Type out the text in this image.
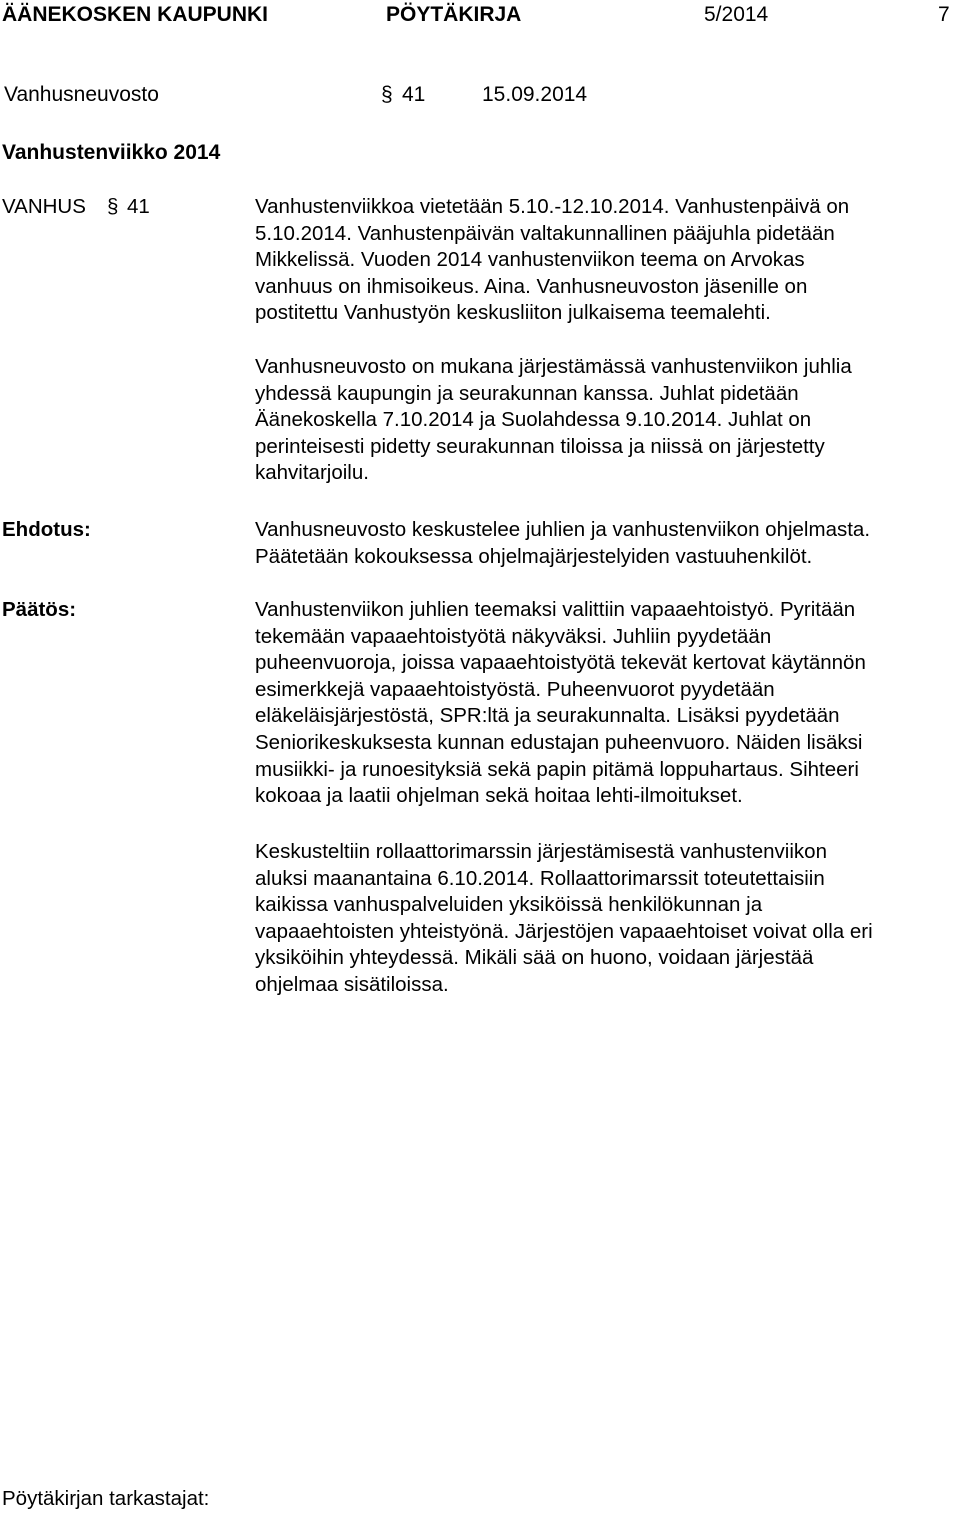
ÄÄNEKOSKEN KAUPUNKI	PÖYTÄKIRJA	5/2014	7
Vanhusneuvosto	§ 41	15.09.2014
Vanhustenviikko 2014
VANHUS § 41	Vanhustenviikkoa vietetään 5.10.-12.10.2014. Vanhustenpäivä on
5.10.2014. Vanhustenpäivän valtakunnallinen pääjuhla pidetään
Mikkelissä. Vuoden 2014 vanhustenviikon teema on Arvokas
vanhuus on ihmisoikeus. Aina. Vanhusneuvoston jäsenille on
postitettu Vanhustyön keskusliiton julkaisema teemalehti.
Vanhusneuvosto on mukana järjestämässä vanhustenviikon juhlia
yhdessä kaupungin ja seurakunnan kanssa. Juhlat pidetään
Äänekoskella 7.10.2014 ja Suolahdessa 9.10.2014. Juhlat on
perinteisesti pidetty seurakunnan tiloissa ja niissä on järjestetty
kahvitarjoilu.
Ehdotus:	Vanhusneuvosto keskustelee juhlien ja vanhustenviikon ohjelmasta.
Päätetään kokouksessa ohjelmajärjestelyiden vastuuhenkilöt.
Päätös:	Vanhustenviikon juhlien teemaksi valittiin vapaaehtoistyö. Pyritään
tekemään vapaaehtoistyötä näkyväksi. Juhliin pyydetään
puheenvuoroja, joissa vapaaehtoistyötä tekevät kertovat käytännön
esimerkkejä vapaaehtoistyöstä. Puheenvuorot pyydetään
eläkeläisjärjestöstä, SPR:ltä ja seurakunnalta. Lisäksi pyydetään
Seniorikeskuksesta kunnan edustajan puheenvuoro. Näiden lisäksi
musiikki- ja runoesityksiä sekä papin pitämä loppuhartaus. Sihteeri
kokoaa ja laatii ohjelman sekä hoitaa lehti-ilmoitukset.
Keskusteltiin rollaattorimarssin järjestämisestä vanhustenviikon
aluksi maanantaina 6.10.2014. Rollaattorimarssit toteutettaisiin
kaikissa vanhuspalveluiden yksiköissä henkilökunnan ja
vapaaehtoisten yhteistyönä. Järjestöjen vapaaehtoiset voivat olla eri
yksiköihin yhteydessä. Mikäli sää on huono, voidaan järjestää
ohjelmaa sisätiloissa.
Pöytäkirjan tarkastajat:
